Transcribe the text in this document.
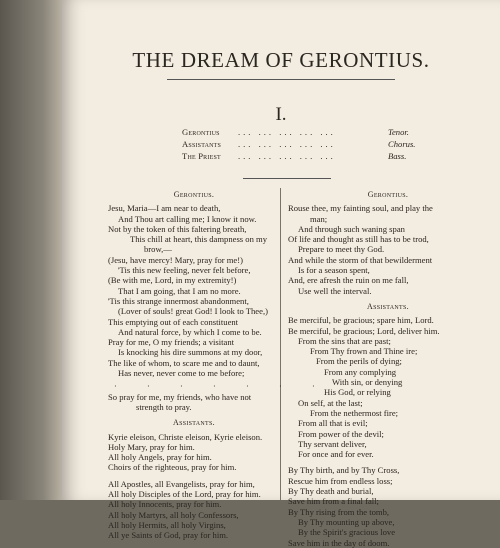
THE DREAM OF GERONTIUS.
I.
Gerontius	... ... ... ... ...	Tenor.
Assistants	... ... ... ... ...	Chorus.
The Priest	... ... ... ... ...	Bass.
Gerontius.
Jesu, Maria—I am near to death,
And Thou art calling me; I know it now.
Not by the token of this faltering breath,
This chill at heart, this dampness on my
brow,—
(Jesu, have mercy! Mary, pray for me!)
'Tis this new feeling, never felt before,
(Be with me, Lord, in my extremity!)
That I am going, that I am no more.
'Tis this strange innermost abandonment,
(Lover of souls! great God! I look to Thee,)
This emptying out of each constituent
And natural force, by which I come to be.
Pray for me, O my friends; a visitant
Is knocking his dire summons at my door,
The like of whom, to scare me and to daunt,
Has never, never come to me before;
· · · · · · ·
So pray for me, my friends, who have not
strength to pray.
Assistants.
Kyrie eleison, Christe eleison, Kyrie eleison.
Holy Mary, pray for him.
All holy Angels, pray for him.
Choirs of the righteous, pray for him.
All Apostles, all Evangelists, pray for him,
All holy Disciples of the Lord, pray for him.
All holy Innocents, pray for him.
All holy Martyrs, all holy Confessors,
All holy Hermits, all holy Virgins,
All ye Saints of God, pray for him.
Gerontius.
Rouse thee, my fainting soul, and play the
man;
And through such waning span
Of life and thought as still has to be trod,
Prepare to meet thy God.
And while the storm of that bewilderment
Is for a season spent,
And, ere afresh the ruin on me fall,
Use well the interval.
Assistants.
Be merciful, be gracious; spare him, Lord.
Be merciful, be gracious; Lord, deliver him.
From the sins that are past;
From Thy frown and Thine ire;
From the perils of dying;
From any complying
With sin, or denying
His God, or relying
On self, at the last;
From the nethermost fire;
From all that is evil;
From power of the devil;
Thy servant deliver,
For once and for ever.
By Thy birth, and by Thy Cross,
Rescue him from endless loss;
By Thy death and burial,
Save him from a final fall;
By Thy rising from the tomb,
By Thy mounting up above,
By the Spirit's gracious love
Save him in the day of doom.
